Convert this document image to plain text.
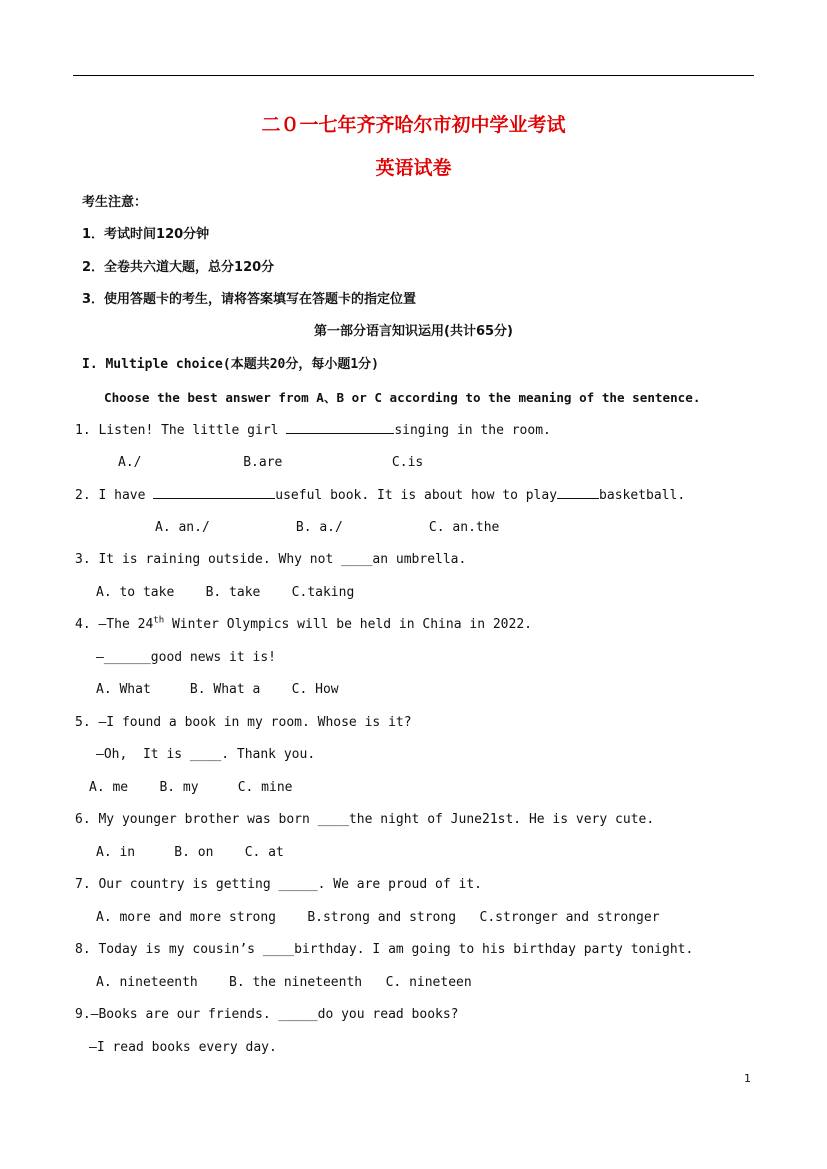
二０一七年齐齐哈尔市初中学业考试
英语试卷
考生注意：
1．考试时间120分钟
2．全卷共六道大题，总分120分
3．使用答题卡的考生，请将答案填写在答题卡的指定位置
第一部分语言知识运用(共计65分)
I. Multiple choice(本题共20分，每小题1分)
Choose the best answer from A、B or C according to the meaning of the sentence.
1. Listen! The little girl	singing in the room.
A./             B.are              C.is
2. I have	useful book. It is about how to play	basketball.
A. an./           B. a./           C. an.the
3. It is raining outside. Why not ____an umbrella.
A. to take    B. take    C.taking
4. —The 24th Winter Olympics will be held in China in 2022.
—______good news it is!
A. What     B. What a    C. How
5. —I found a book in my room. Whose is it?
—Oh,  It is ____. Thank you.
A. me    B. my     C. mine
6. My younger brother was born ____the night of June21st. He is very cute.
A. in     B. on    C. at
7. Our country is getting _____. We are proud of it.
A. more and more strong    B.strong and strong   C.stronger and stronger
8. Today is my cousin’s ____birthday. I am going to his birthday party tonight.
A. nineteenth    B. the nineteenth   C. nineteen
9.—Books are our friends. _____do you read books?
—I read books every day.
1
